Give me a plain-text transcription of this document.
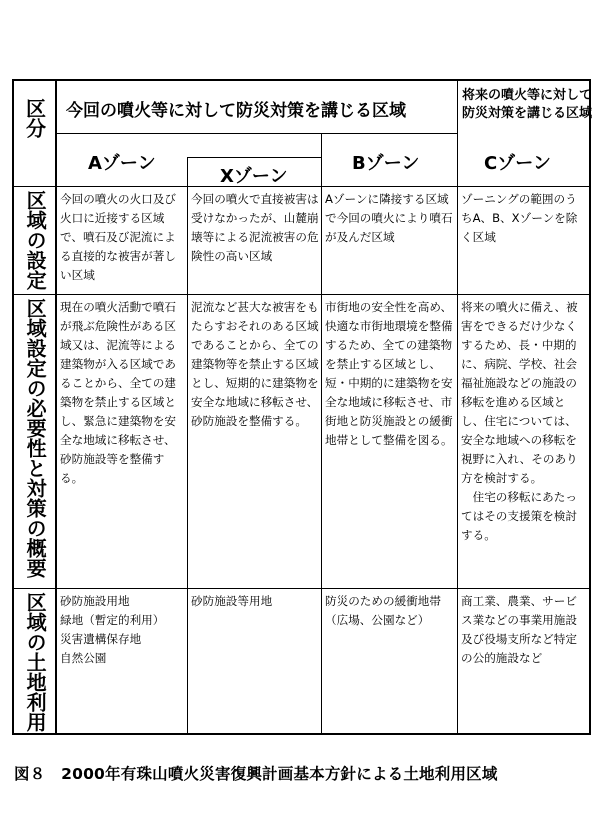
区分
区域の設定
区域設定の必要性と対策の概要
区域の土地利用
今回の噴火等に対して防災対策を講じる区域
将来の噴火等に対して
防災対策を講じる区域
Aゾーン
Xゾーン
Bゾーン	Cゾーン
今回の噴火の火口及び火口に近接する区域で、噴石及び泥流による直接的な被害が著しい区域
今回の噴火で直接被害は受けなかったが、山麓崩壊等による泥流被害の危険性の高い区域
Aゾーンに隣接する区域で今回の噴火により噴石が及んだ区域
ゾーニングの範囲のうちA、B、Xゾーンを除く区域
現在の噴火活動で噴石が飛ぶ危険性がある区域又は、泥流等による建築物が入る区域であることから、全ての建築物を禁止する区域とし、緊急に建築物を安全な地域に移転させ、砂防施設等を整備する。
泥流など甚大な被害をもたらすおそれのある区域であることから、全ての建築物等を禁止する区域とし、短期的に建築物を安全な地域に移転させ、砂防施設を整備する。
市街地の安全性を高め、快適な市街地環境を整備するため、全ての建築物を禁止する区域とし、短・中期的に建築物を安全な地域に移転させ、市街地と防災施設との緩衝地帯として整備を図る。

将来の噴火に備え、被害をできるだけ少なくするため、長・中期的に、病院、学校、社会福祉施設などの施設の移転を進める区域とし、住宅については、安全な地域への移転を視野に入れ、そのあり方を検討する。

住宅の移転にあたってはその支援策を検討する。

砂防施設用地

緑地（暫定的利用）

災害遺構保存地

自然公園

砂防施設等用地	防災のための緩衝地帯

（広場、公園など）

商工業、農業、サービス業などの事業用施設及び役場支所など特定の公的施設など

図８　2000年有珠山噴火災害復興計画基本方針による土地利用区域
